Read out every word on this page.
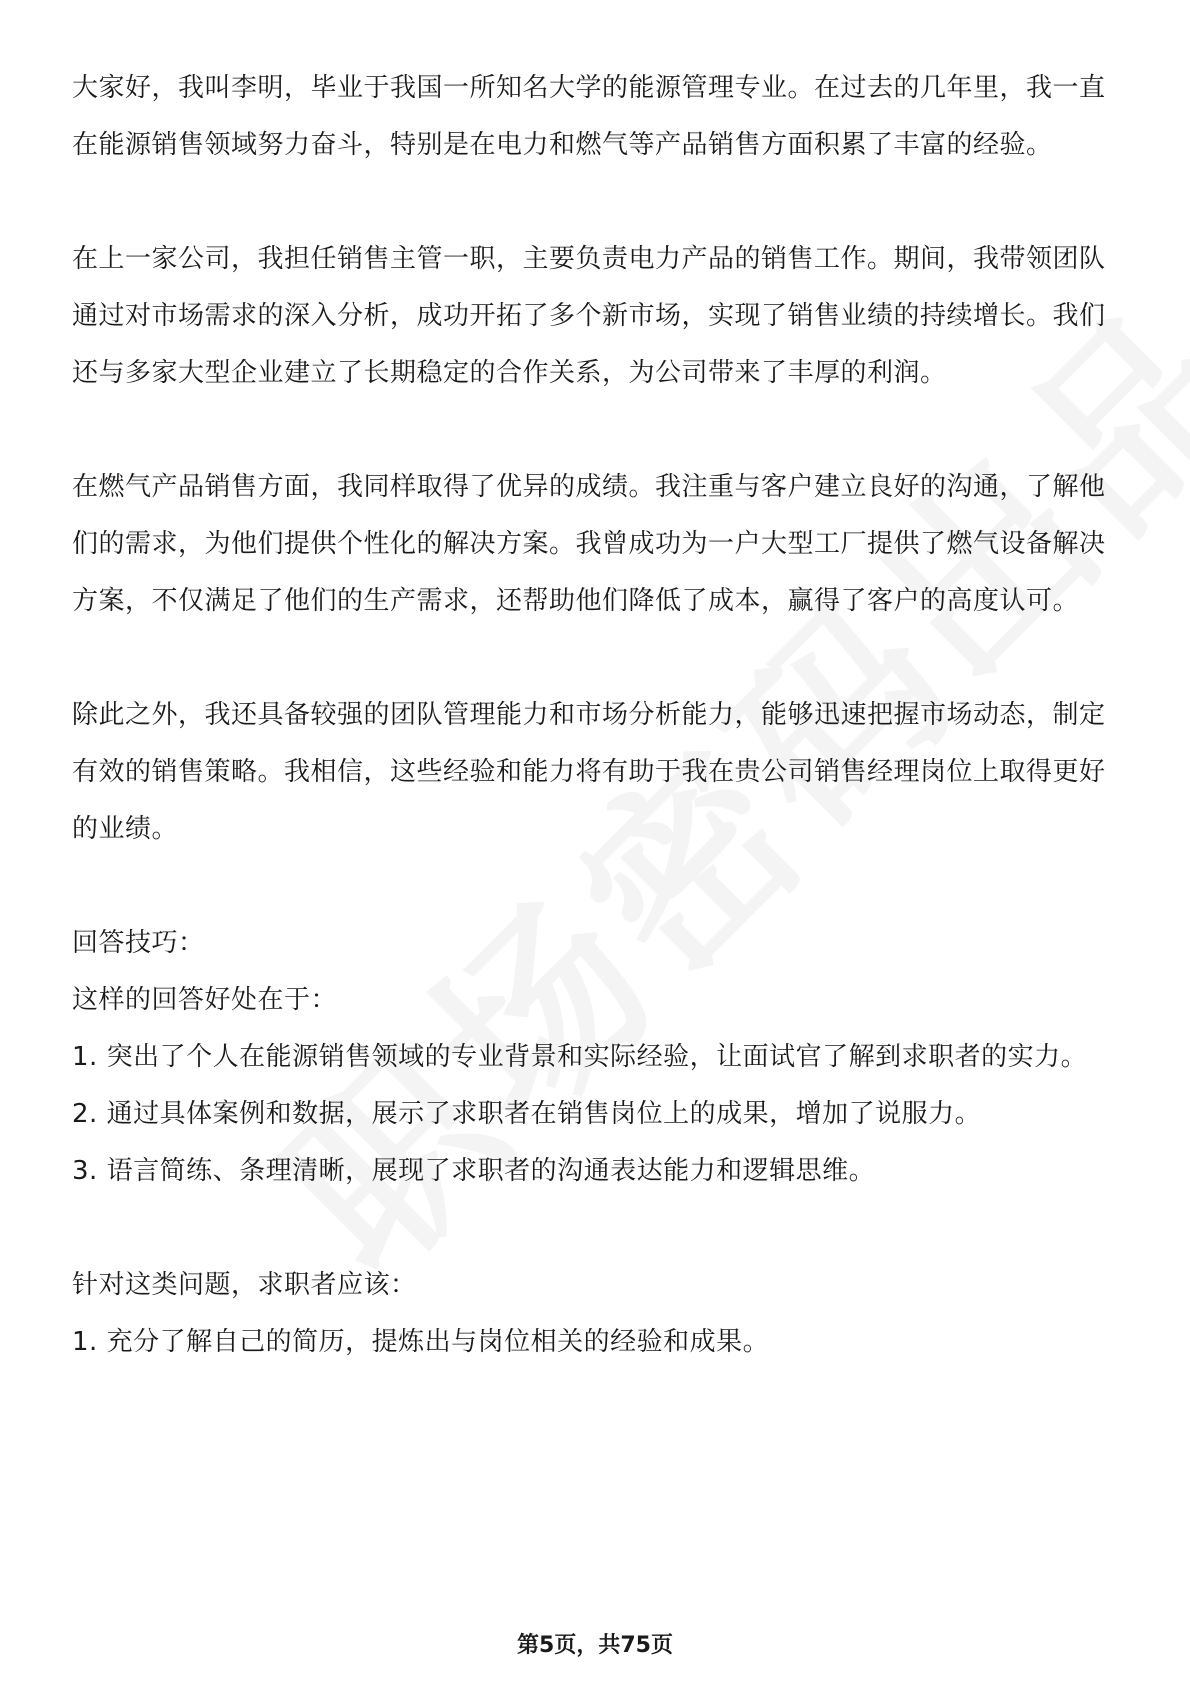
大家好，我叫李明，毕业于我国一所知名大学的能源管理专业。在过去的几年里，我一直在能源销售领域努力奋斗，特别是在电力和燃气等产品销售方面积累了丰富的经验。

在上一家公司，我担任销售主管一职，主要负责电力产品的销售工作。期间，我带领团队通过对市场需求的深入分析，成功开拓了多个新市场，实现了销售业绩的持续增长。我们还与多家大型企业建立了长期稳定的合作关系，为公司带来了丰厚的利润。

在燃气产品销售方面，我同样取得了优异的成绩。我注重与客户建立良好的沟通，了解他们的需求，为他们提供个性化的解决方案。我曾成功为一户大型工厂提供了燃气设备解决方案，不仅满足了他们的生产需求，还帮助他们降低了成本，赢得了客户的高度认可。

除此之外，我还具备较强的团队管理能力和市场分析能力，能够迅速把握市场动态，制定有效的销售策略。我相信，这些经验和能力将有助于我在贵公司销售经理岗位上取得更好的业绩。

回答技巧：

这样的回答好处在于：

1. 突出了个人在能源销售领域的专业背景和实际经验，让面试官了解到求职者的实力。

2. 通过具体案例和数据，展示了求职者在销售岗位上的成果，增加了说服力。

3. 语言简练、条理清晰，展现了求职者的沟通表达能力和逻辑思维。

针对这类问题，求职者应该：

1. 充分了解自己的简历，提炼出与岗位相关的经验和成果。

第5页，共75页
